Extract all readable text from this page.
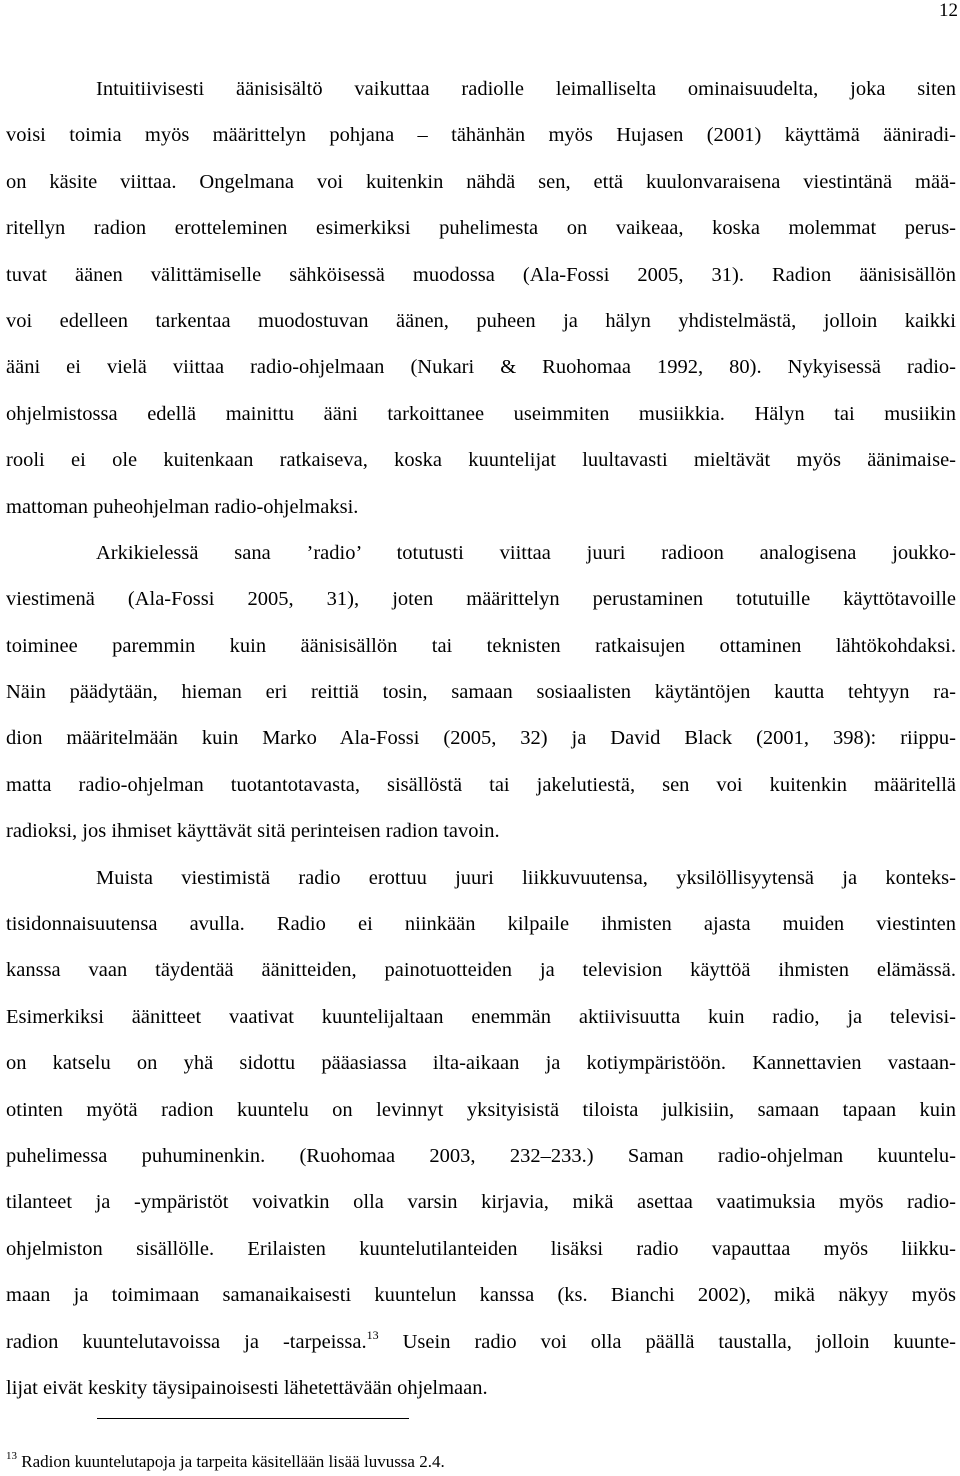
12
Intuitiivisesti äänisisältö vaikuttaa radiolle leimalliselta ominaisuudelta, joka siten
voisi toimia myös määrittelyn pohjana – tähänhän myös Hujasen (2001) käyttämä ääniradi-
on käsite viittaa. Ongelmana voi kuitenkin nähdä sen, että kuulonvaraisena viestintänä mää-
ritellyn radion erotteleminen esimerkiksi puhelimesta on vaikeaa, koska molemmat perus-
tuvat äänen välittämiselle sähköisessä muodossa (Ala-Fossi 2005, 31). Radion äänisisällön
voi edelleen tarkentaa muodostuvan äänen, puheen ja hälyn yhdistelmästä, jolloin kaikki
ääni ei vielä viittaa radio-ohjelmaan (Nukari & Ruohomaa 1992, 80). Nykyisessä radio-
ohjelmistossa edellä mainittu ääni tarkoittanee useimmiten musiikkia. Hälyn tai musiikin
rooli ei ole kuitenkaan ratkaiseva, koska kuuntelijat luultavasti mieltävät myös äänimaise-
mattoman puheohjelman radio-ohjelmaksi.
Arkikielessä sana ’radio’ totutusti viittaa juuri radioon analogisena joukko-
viestimenä (Ala-Fossi 2005, 31), joten määrittelyn perustaminen totutuille käyttötavoille
toiminee paremmin kuin äänisisällön tai teknisten ratkaisujen ottaminen lähtökohdaksi.
Näin päädytään, hieman eri reittiä tosin, samaan sosiaalisten käytäntöjen kautta tehtyyn ra-
dion määritelmään kuin Marko Ala-Fossi (2005, 32) ja David Black (2001, 398): riippu-
matta radio-ohjelman tuotantotavasta, sisällöstä tai jakelutiestä, sen voi kuitenkin määritellä
radioksi, jos ihmiset käyttävät sitä perinteisen radion tavoin.
Muista viestimistä radio erottuu juuri liikkuvuutensa, yksilöllisyytensä ja konteks-
tisidonnaisuutensa avulla. Radio ei niinkään kilpaile ihmisten ajasta muiden viestinten
kanssa vaan täydentää äänitteiden, painotuotteiden ja television käyttöä ihmisten elämässä.
Esimerkiksi äänitteet vaativat kuuntelijaltaan enemmän aktiivisuutta kuin radio, ja televisi-
on katselu on yhä sidottu pääasiassa ilta-aikaan ja kotiympäristöön. Kannettavien vastaan-
otinten myötä radion kuuntelu on levinnyt yksityisistä tiloista julkisiin, samaan tapaan kuin
puhelimessa puhuminenkin. (Ruohomaa 2003, 232–233.) Saman radio-ohjelman kuuntelu-
tilanteet ja -ympäristöt voivatkin olla varsin kirjavia, mikä asettaa vaatimuksia myös radio-
ohjelmiston sisällölle. Erilaisten kuuntelutilanteiden lisäksi radio vapauttaa myös liikku-
maan ja toimimaan samanaikaisesti kuuntelun kanssa (ks. Bianchi 2002), mikä näkyy myös
radion kuuntelutavoissa ja -tarpeissa.$^{13}$ Usein radio voi olla päällä taustalla, jolloin kuunte-
lijat eivät keskity täysipainoisesti lähetettävään ohjelmaan.
$^{13}$ Radion kuuntelutapoja ja tarpeita käsitellään lisää luvussa 2.4.
